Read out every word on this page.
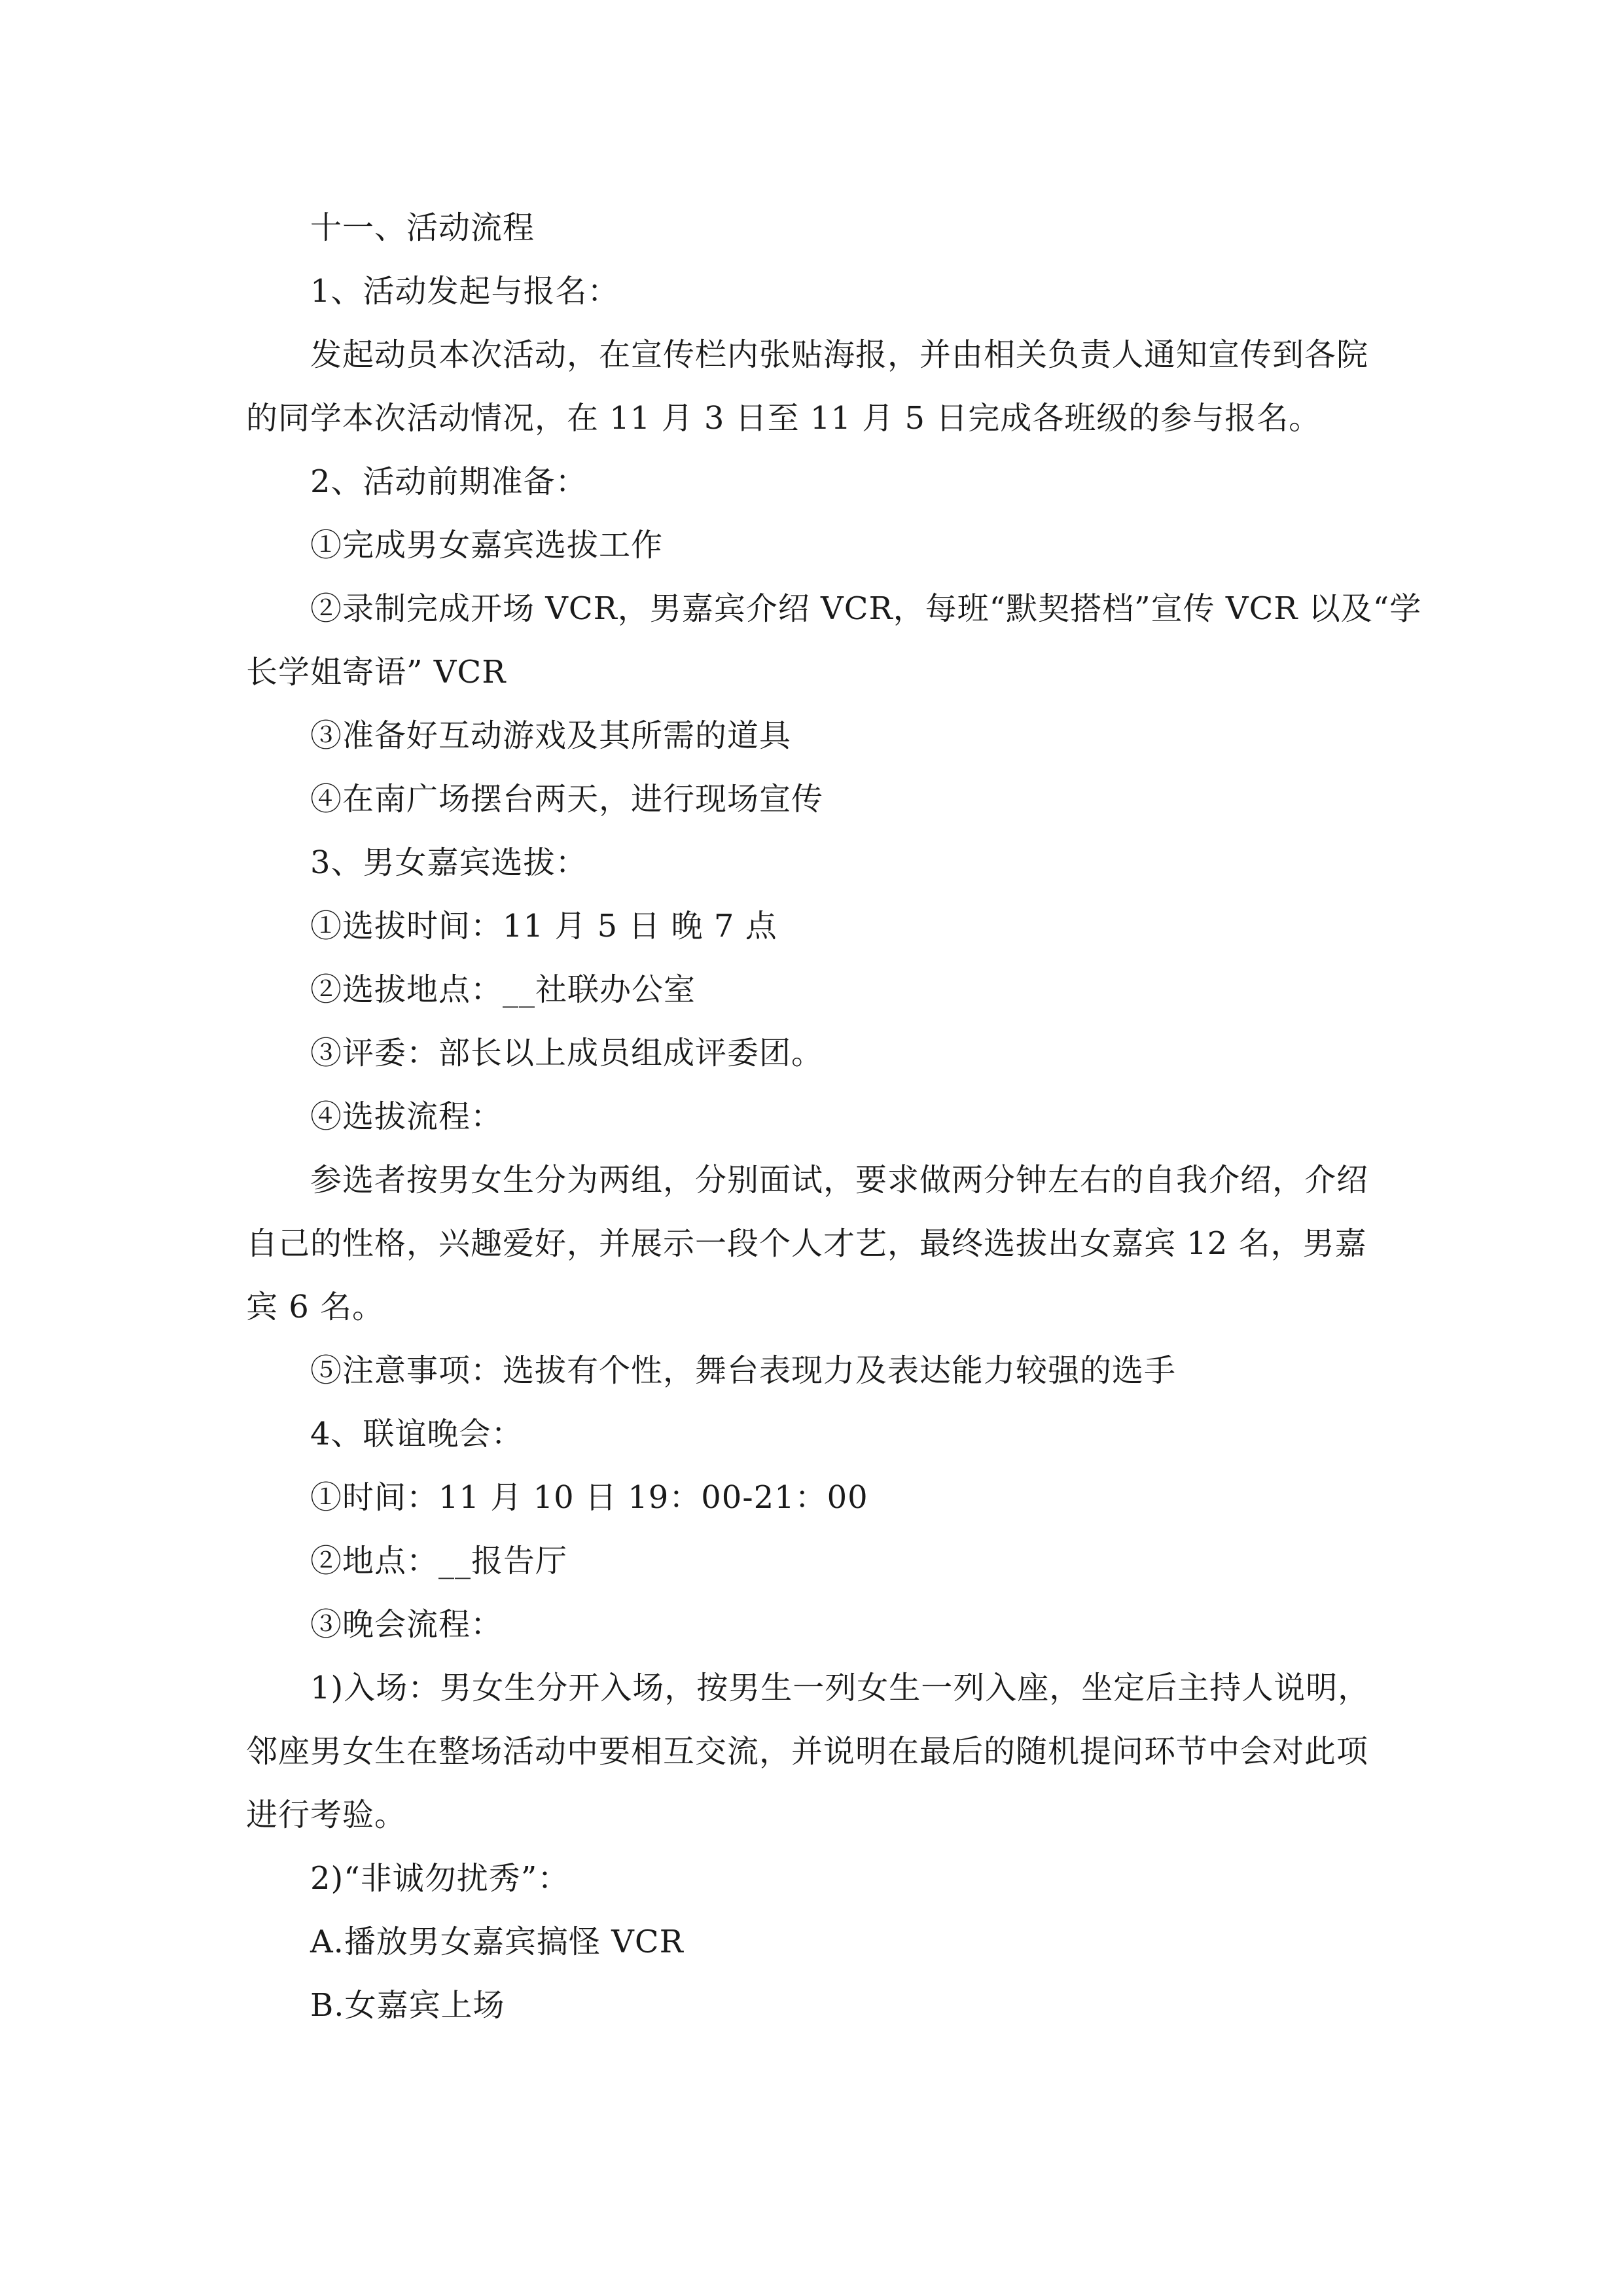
十一、活动流程
1、活动发起与报名：
发起动员本次活动，在宣传栏内张贴海报，并由相关负责人通知宣传到各院
的同学本次活动情况，在 11 月 3 日至 11 月 5 日完成各班级的参与报名。
2、活动前期准备：
①完成男女嘉宾选拔工作
②录制完成开场 VCR，男嘉宾介绍 VCR，每班“默契搭档”宣传 VCR 以及“学
长学姐寄语” VCR
③准备好互动游戏及其所需的道具
④在南广场摆台两天，进行现场宣传
3、男女嘉宾选拔：
①选拔时间：11 月 5 日 晚 7 点
②选拔地点：__社联办公室
③评委：部长以上成员组成评委团。
④选拔流程：
参选者按男女生分为两组，分别面试，要求做两分钟左右的自我介绍，介绍
自己的性格，兴趣爱好，并展示一段个人才艺，最终选拔出女嘉宾 12 名，男嘉
宾 6 名。
⑤注意事项：选拔有个性，舞台表现力及表达能力较强的选手
4、联谊晚会：
①时间：11 月 10 日 19：00-21：00
②地点：__报告厅
③晚会流程：
1)入场：男女生分开入场，按男生一列女生一列入座，坐定后主持人说明，
邻座男女生在整场活动中要相互交流，并说明在最后的随机提问环节中会对此项
进行考验。
2)“非诚勿扰秀”：
A.播放男女嘉宾搞怪 VCR
B.女嘉宾上场
